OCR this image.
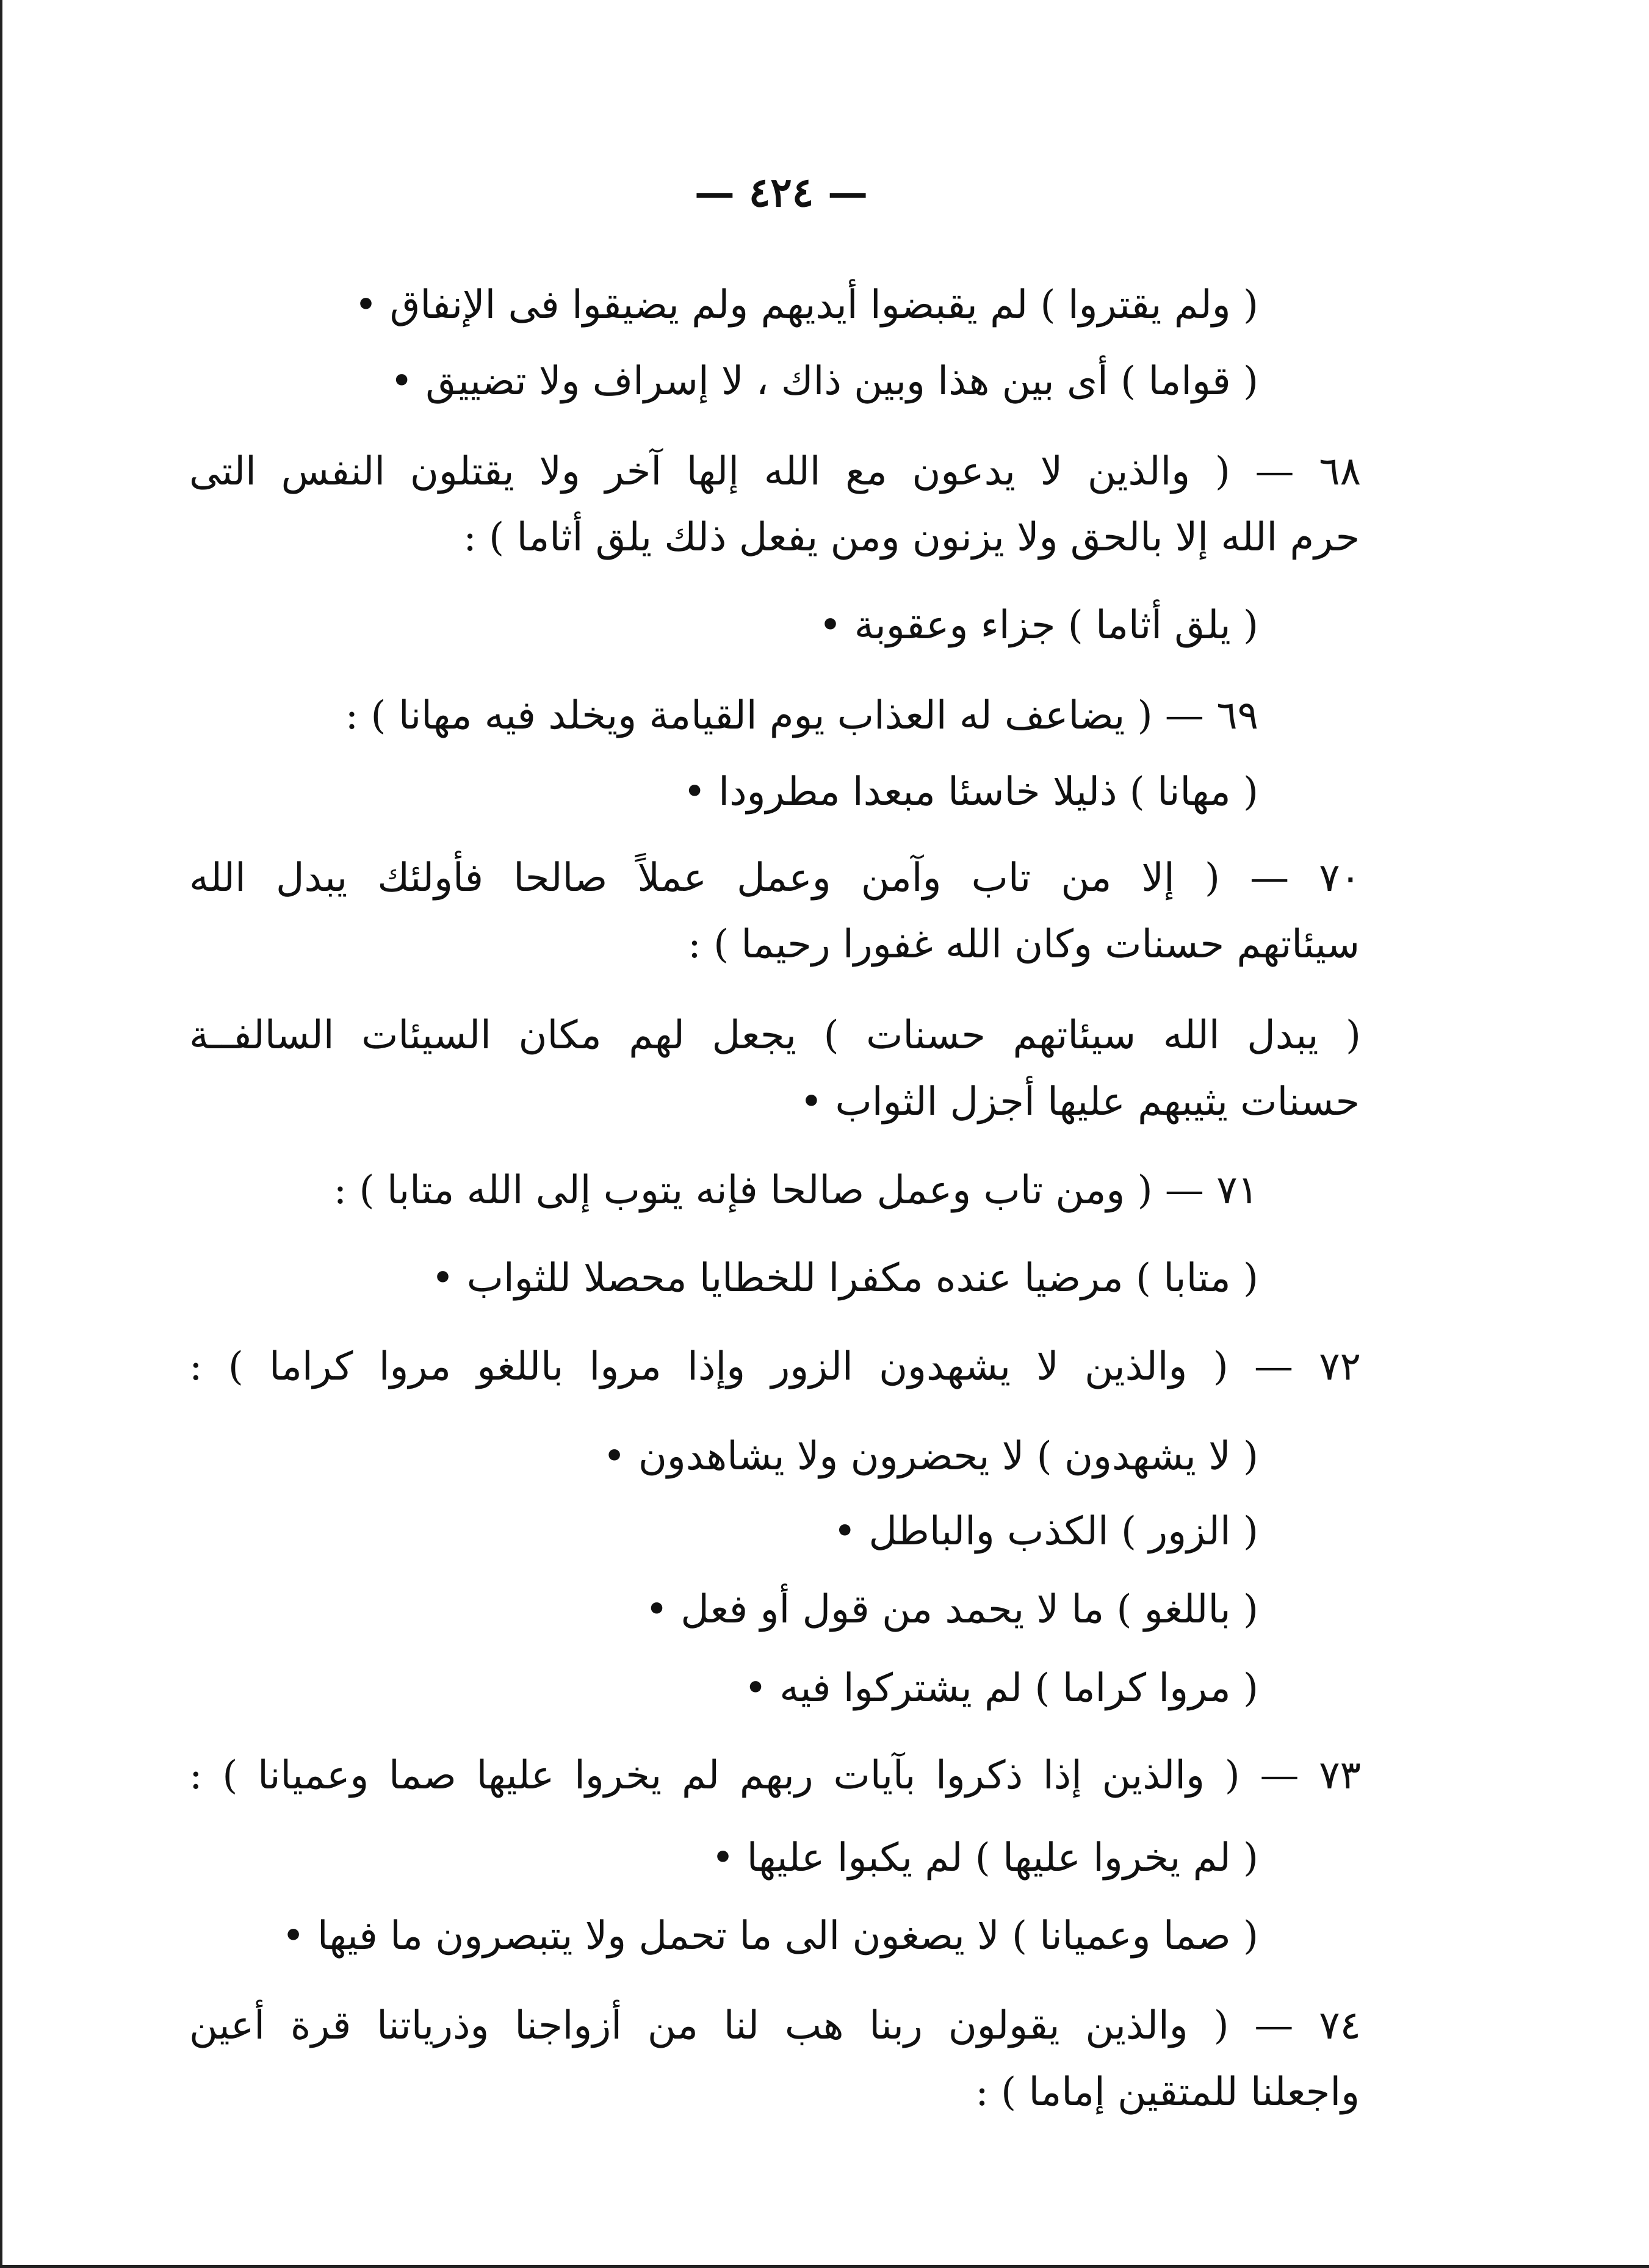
— ٤٢٤ —
( ولم يقتروا ) لم يقبضوا أيديهم ولم يضيقوا فى الإنفاق •
( قواما ) أى بين هذا وبين ذاك ، لا إسراف ولا تضييق •
٦٨ — ( والذين لا يدعون مع الله إلها آخر ولا يقتلون النفس التى
حرم الله إلا بالحق ولا يزنون ومن يفعل ذلك يلق أثاما ) :
( يلق أثاما ) جزاء وعقوبة •
٦٩ — ( يضاعف له العذاب يوم القيامة ويخلد فيه مهانا ) :
( مهانا ) ذليلا خاسئا مبعدا مطرودا •
٧٠ — ( إلا من تاب وآمن وعمل عملاً صالحا فأولئك يبدل الله
سيئاتهم حسنات وكان الله غفورا رحيما ) :
( يبدل الله سيئاتهم حسنات ) يجعل لهم مكان السيئات السالفــة
حسنات يثيبهم عليها أجزل الثواب •
٧١ — ( ومن تاب وعمل صالحا فإنه يتوب إلى الله متابا ) :
( متابا ) مرضيا عنده مكفرا للخطايا محصلا للثواب •
٧٢ — ( والذين لا يشهدون الزور وإذا مروا باللغو مروا كراما ) :
( لا يشهدون ) لا يحضرون ولا يشاهدون •
( الزور ) الكذب والباطل •
( باللغو ) ما لا يحمد من قول أو فعل •
( مروا كراما ) لم يشتركوا فيه •
٧٣ — ( والذين إذا ذكروا بآيات ربهم لم يخروا عليها صما وعميانا ) :
( لم يخروا عليها ) لم يكبوا عليها •
( صما وعميانا ) لا يصغون الى ما تحمل ولا يتبصرون ما فيها •
٧٤ — ( والذين يقولون ربنا هب لنا من أزواجنا وذرياتنا قرة أعين
واجعلنا للمتقين إماما ) :
